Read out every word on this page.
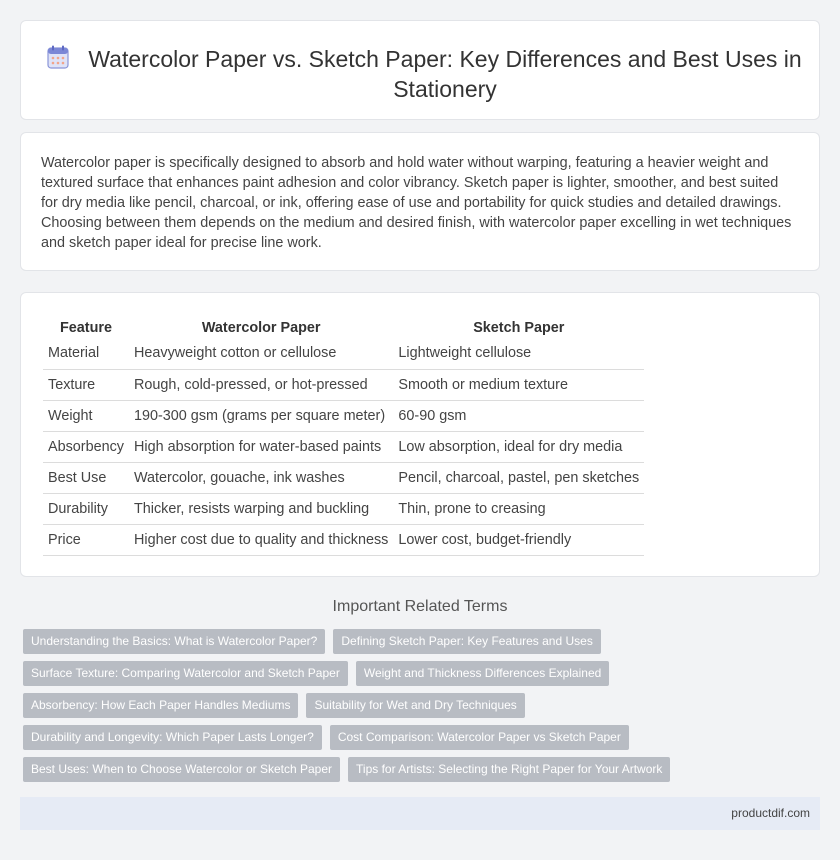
Watercolor Paper vs. Sketch Paper: Key Differences and Best Uses in Stationery

Watercolor paper is specifically designed to absorb and hold water without warping, featuring a heavier weight and textured surface that enhances paint adhesion and color vibrancy. Sketch paper is lighter, smoother, and best suited for dry media like pencil, charcoal, or ink, offering ease of use and portability for quick studies and detailed drawings. Choosing between them depends on the medium and desired finish, with watercolor paper excelling in wet techniques and sketch paper ideal for precise line work.

Feature	Watercolor Paper	Sketch Paper
Material	Heavyweight cotton or cellulose	Lightweight cellulose
Texture	Rough, cold-pressed, or hot-pressed	Smooth or medium texture
Weight	190-300 gsm (grams per square meter)	60-90 gsm
Absorbency	High absorption for water-based paints	Low absorption, ideal for dry media
Best Use	Watercolor, gouache, ink washes	Pencil, charcoal, pastel, pen sketches
Durability	Thicker, resists warping and buckling	Thin, prone to creasing
Price	Higher cost due to quality and thickness	Lower cost, budget-friendly
Important Related Terms
Understanding the Basics: What is Watercolor Paper?	Defining Sketch Paper: Key Features and Uses
Surface Texture: Comparing Watercolor and Sketch Paper	Weight and Thickness Differences Explained
Absorbency: How Each Paper Handles Mediums	Suitability for Wet and Dry Techniques
Durability and Longevity: Which Paper Lasts Longer?	Cost Comparison: Watercolor Paper vs Sketch Paper
Best Uses: When to Choose Watercolor or Sketch Paper	Tips for Artists: Selecting the Right Paper for Your Artwork
productdif.com
